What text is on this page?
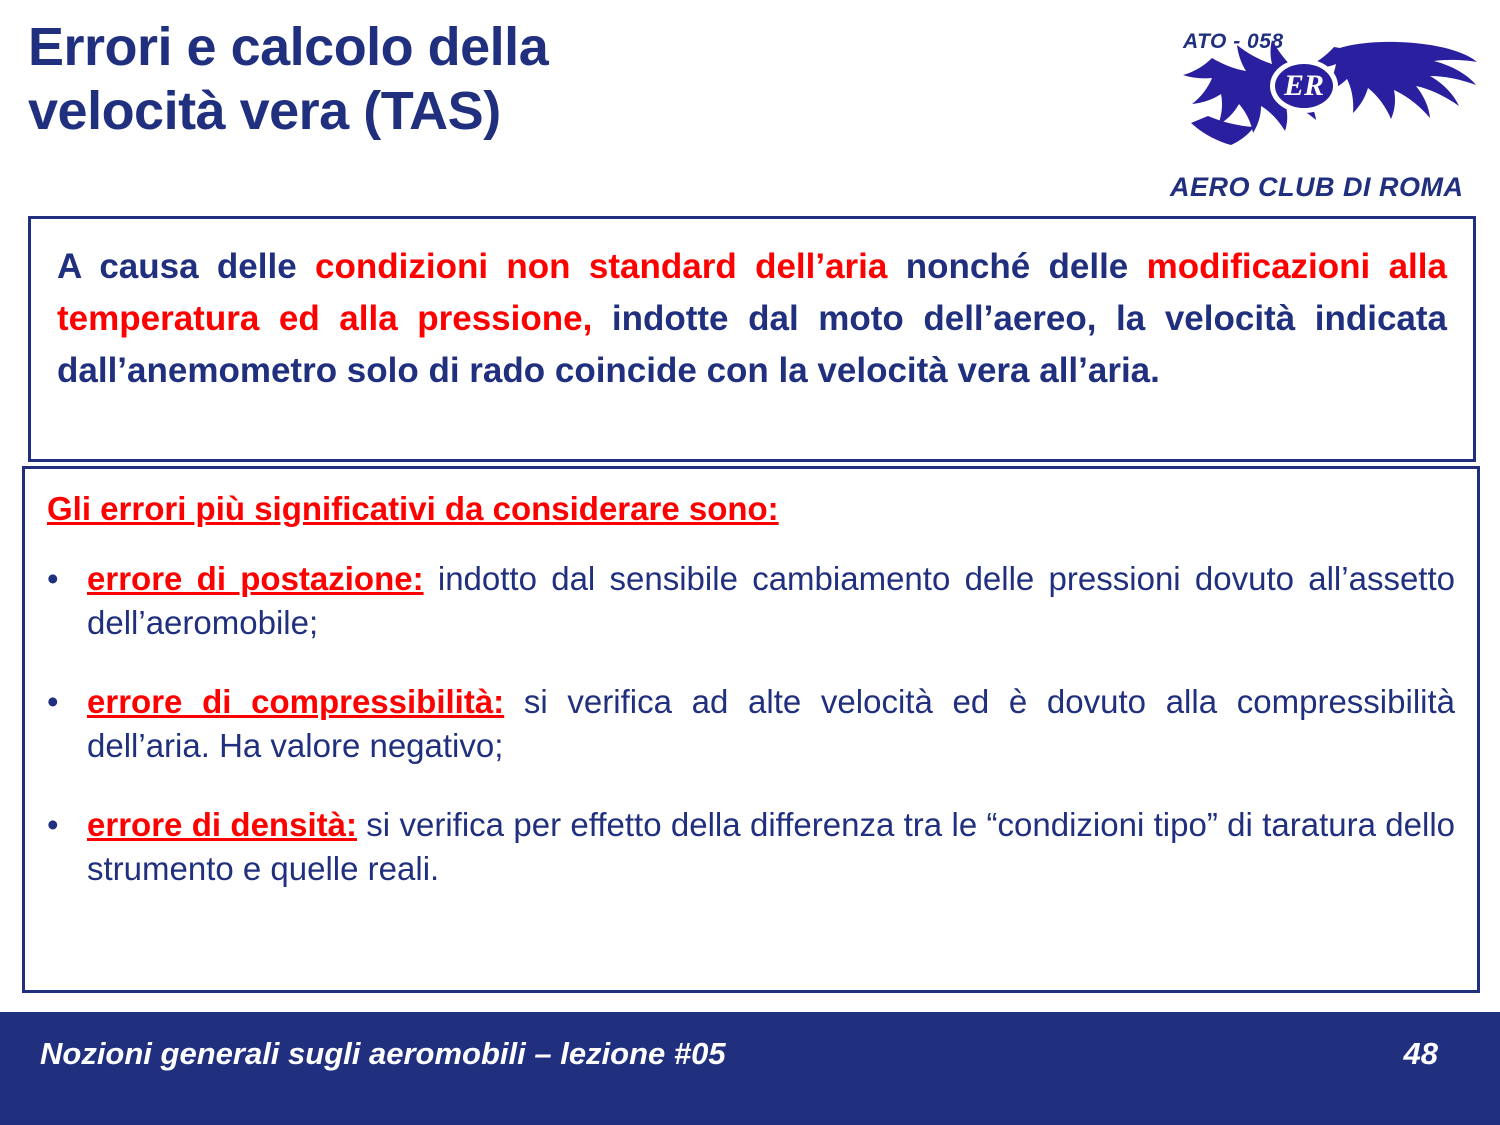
Errori e calcolo della
velocità vera (TAS)
ATO - 058
ER
AERO CLUB DI ROMA

A causa delle condizioni non standard dell’aria nonché delle modificazioni alla temperatura ed alla pressione, indotte dal moto dell’aereo, la velocità indicata dall’anemometro solo di rado coincide con la velocità vera all’aria.

Gli errori più significativi da considerare sono:
• errore di postazione: indotto dal sensibile cambiamento delle pressioni dovuto all’assetto dell’aeromobile;
• errore di compressibilità: si verifica ad alte velocità ed è dovuto alla compressibilità dell’aria. Ha valore negativo;
• errore di densità: si verifica per effetto della differenza tra le “condizioni tipo” di taratura dello strumento e quelle reali.
Nozioni generali sugli aeromobili – lezione #05	48
